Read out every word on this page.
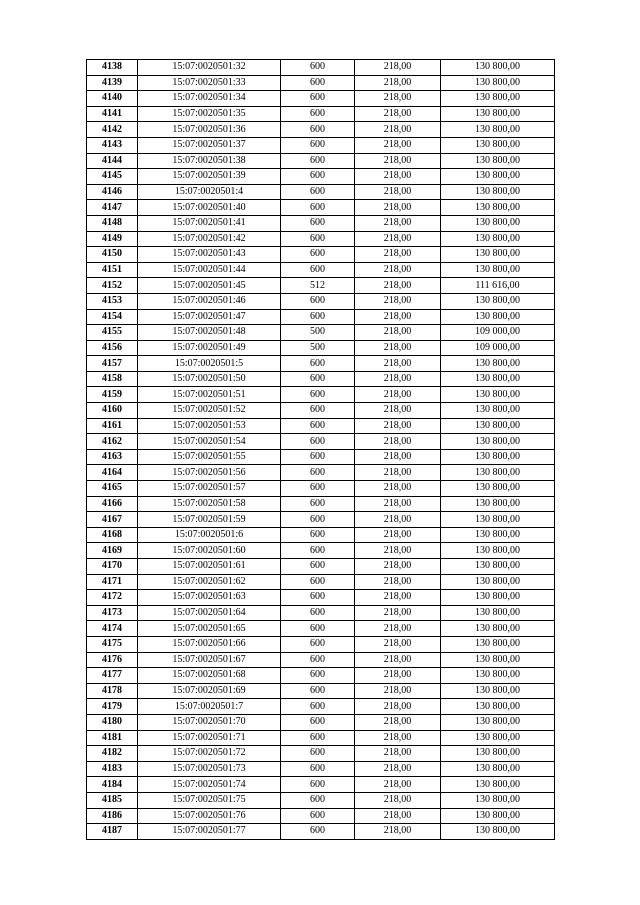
4138	15:07:0020501:32	600	218,00	130 800,00
4139	15:07:0020501:33	600	218,00	130 800,00
4140	15:07:0020501:34	600	218,00	130 800,00
4141	15:07:0020501:35	600	218,00	130 800,00
4142	15:07:0020501:36	600	218,00	130 800,00
4143	15:07:0020501:37	600	218,00	130 800,00
4144	15:07:0020501:38	600	218,00	130 800,00
4145	15:07:0020501:39	600	218,00	130 800,00
4146	15:07:0020501:4	600	218,00	130 800,00
4147	15:07:0020501:40	600	218,00	130 800,00
4148	15:07:0020501:41	600	218,00	130 800,00
4149	15:07:0020501:42	600	218,00	130 800,00
4150	15:07:0020501:43	600	218,00	130 800,00
4151	15:07:0020501:44	600	218,00	130 800,00
4152	15:07:0020501:45	512	218,00	111 616,00
4153	15:07:0020501:46	600	218,00	130 800,00
4154	15:07:0020501:47	600	218,00	130 800,00
4155	15:07:0020501:48	500	218,00	109 000,00
4156	15:07:0020501:49	500	218,00	109 000,00
4157	15:07:0020501:5	600	218,00	130 800,00
4158	15:07:0020501:50	600	218,00	130 800,00
4159	15:07:0020501:51	600	218,00	130 800,00
4160	15:07:0020501:52	600	218,00	130 800,00
4161	15:07:0020501:53	600	218,00	130 800,00
4162	15:07:0020501:54	600	218,00	130 800,00
4163	15:07:0020501:55	600	218,00	130 800,00
4164	15:07:0020501:56	600	218,00	130 800,00
4165	15:07:0020501:57	600	218,00	130 800,00
4166	15:07:0020501:58	600	218,00	130 800,00
4167	15:07:0020501:59	600	218,00	130 800,00
4168	15:07:0020501:6	600	218,00	130 800,00
4169	15:07:0020501:60	600	218,00	130 800,00
4170	15:07:0020501:61	600	218,00	130 800,00
4171	15:07:0020501:62	600	218,00	130 800,00
4172	15:07:0020501:63	600	218,00	130 800,00
4173	15:07:0020501:64	600	218,00	130 800,00
4174	15:07:0020501:65	600	218,00	130 800,00
4175	15:07:0020501:66	600	218,00	130 800,00
4176	15:07:0020501:67	600	218,00	130 800,00
4177	15:07:0020501:68	600	218,00	130 800,00
4178	15:07:0020501:69	600	218,00	130 800,00
4179	15:07:0020501:7	600	218,00	130 800,00
4180	15:07:0020501:70	600	218,00	130 800,00
4181	15:07:0020501:71	600	218,00	130 800,00
4182	15:07:0020501:72	600	218,00	130 800,00
4183	15:07:0020501:73	600	218,00	130 800,00
4184	15:07:0020501:74	600	218,00	130 800,00
4185	15:07:0020501:75	600	218,00	130 800,00
4186	15:07:0020501:76	600	218,00	130 800,00
4187	15:07:0020501:77	600	218,00	130 800,00
